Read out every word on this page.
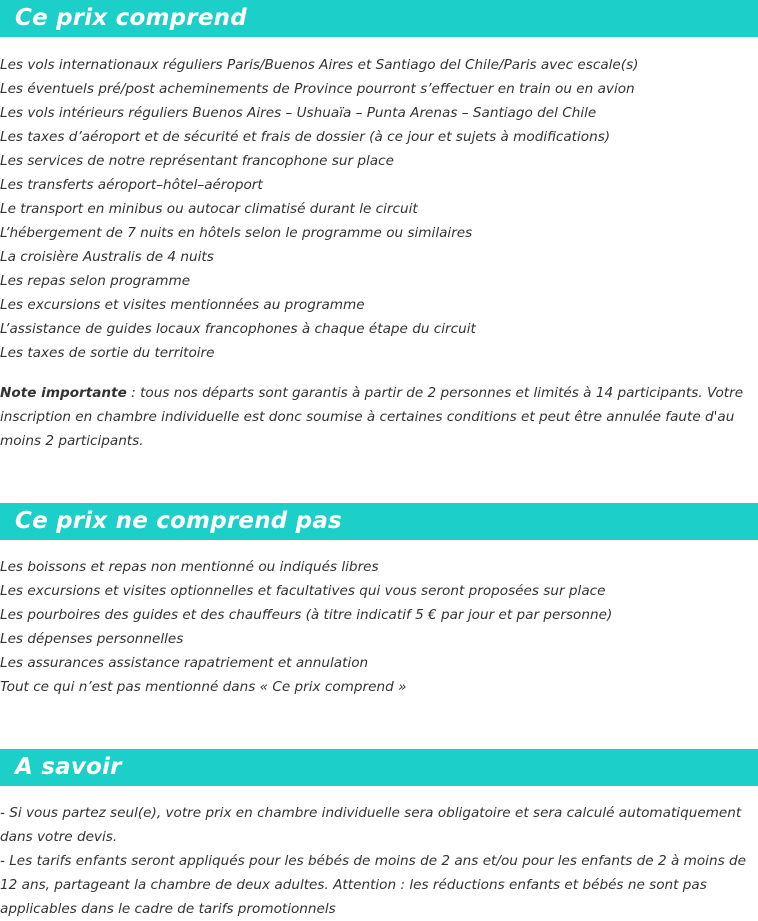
Ce prix comprend
Les vols internationaux réguliers Paris/Buenos Aires et Santiago del Chile/Paris avec escale(s)
Les éventuels pré/post acheminements de Province pourront s’effectuer en train ou en avion
Les vols intérieurs réguliers Buenos Aires – Ushuaïa – Punta Arenas – Santiago del Chile
Les taxes d’aéroport et de sécurité et frais de dossier (à ce jour et sujets à modifications)
Les services de notre représentant francophone sur place
Les transferts aéroport–hôtel–aéroport
Le transport en minibus ou autocar climatisé durant le circuit
L’hébergement de 7 nuits en hôtels selon le programme ou similaires
La croisière Australis de 4 nuits
Les repas selon programme
Les excursions et visites mentionnées au programme
L’assistance de guides locaux francophones à chaque étape du circuit
Les taxes de sortie du territoire

Note importante : tous nos départs sont garantis à partir de 2 personnes et limités à 14 participants. Votre inscription en chambre individuelle est donc soumise à certaines conditions et peut être annulée faute d'au moins 2 participants.

Ce prix ne comprend pas
Les boissons et repas non mentionné ou indiqués libres
Les excursions et visites optionnelles et facultatives qui vous seront proposées sur place
Les pourboires des guides et des chauffeurs (à titre indicatif 5 € par jour et par personne)
Les dépenses personnelles
Les assurances assistance rapatriement et annulation
Tout ce qui n’est pas mentionné dans « Ce prix comprend »
A savoir

- Si vous partez seul(e), votre prix en chambre individuelle sera obligatoire et sera calculé automatiquement dans votre devis.

- Les tarifs enfants seront appliqués pour les bébés de moins de 2 ans et/ou pour les enfants de 2 à moins de 12 ans, partageant la chambre de deux adultes. Attention : les réductions enfants et bébés ne sont pas applicables dans le cadre de tarifs promotionnels
